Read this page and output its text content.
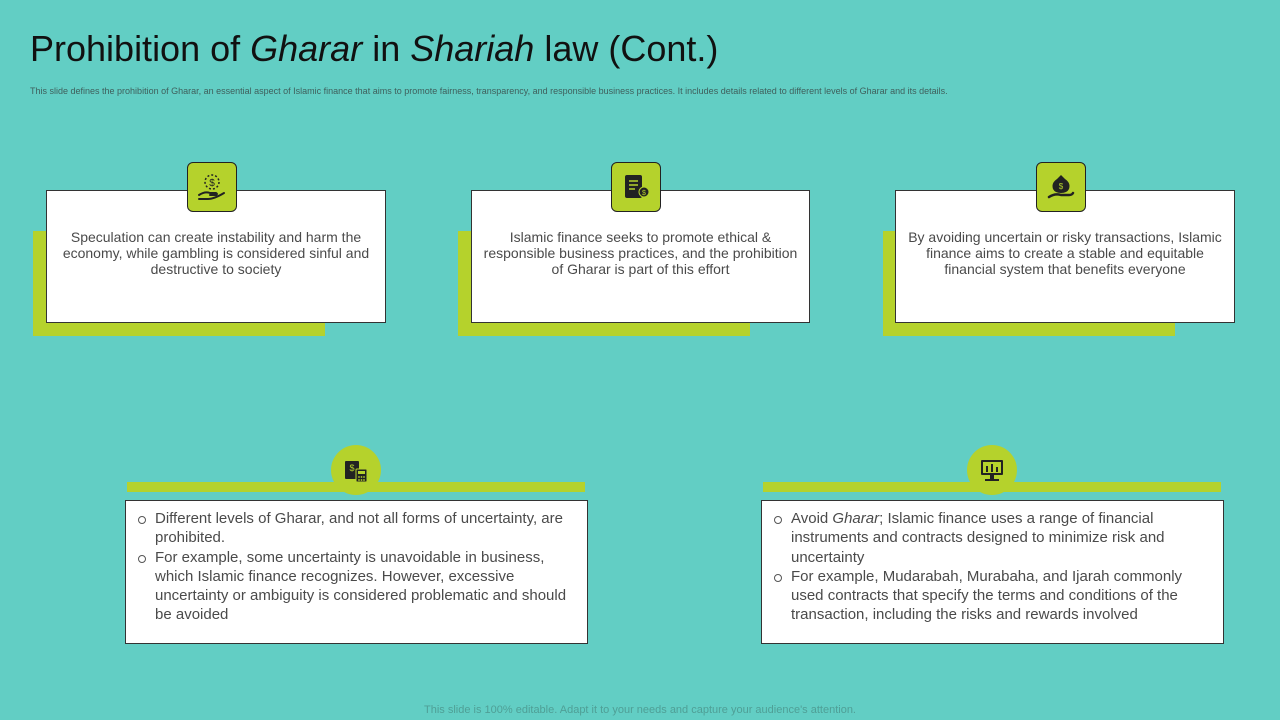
Prohibition of Gharar in Shariah law (Cont.)
This slide defines the prohibition of Gharar, an essential aspect of Islamic finance that aims to promote fairness, transparency, and responsible business practices. It includes details related to different levels of Gharar and its details.
Speculation can create instability and harm the economy, while gambling is considered sinful and destructive to society
$
Islamic finance seeks to promote ethical & responsible business practices, and the prohibition of Gharar is part of this effort
$
By avoiding uncertain or risky transactions, Islamic finance aims to create a stable and equitable financial system that benefits everyone
$
$
Different levels of Gharar, and not all forms of uncertainty, are prohibited.
For example, some uncertainty is unavoidable in business, which Islamic finance recognizes. However, excessive uncertainty or ambiguity is considered problematic and should be avoided
Avoid Gharar; Islamic finance uses a range of financial instruments and contracts designed to minimize risk and uncertainty
For example, Mudarabah, Murabaha, and Ijarah commonly used contracts that specify the terms and conditions of the transaction, including the risks and rewards involved
This slide is 100% editable. Adapt it to your needs and capture your audience's attention.
